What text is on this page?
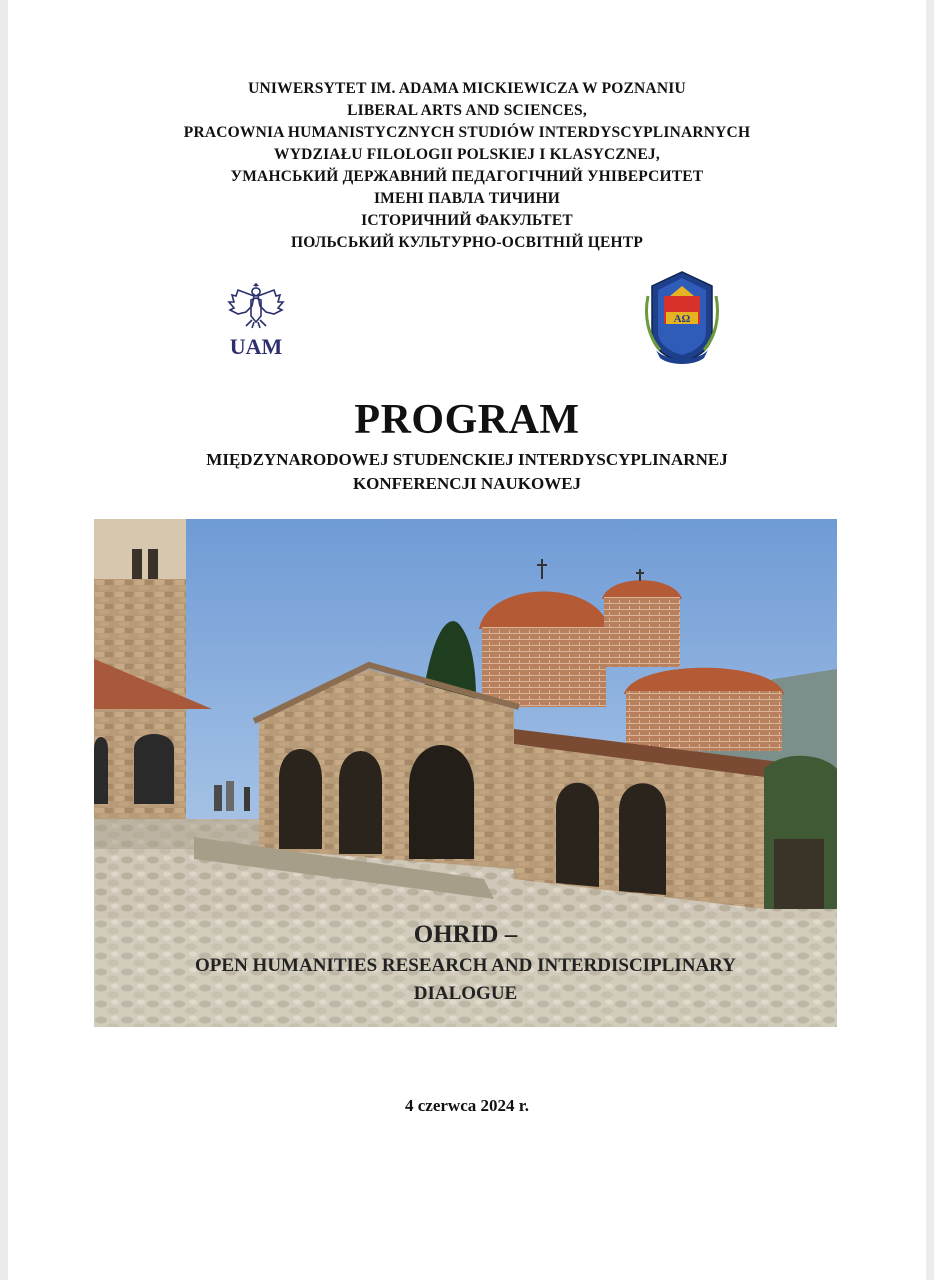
UNIWERSYTET IM. ADAMA MICKIEWICZA W POZNANIU
LIBERAL ARTS AND SCIENCES,
PRACOWNIA HUMANISTYCZNYCH STUDIÓW INTERDYSCYPLINARNYCH
WYDZIAŁU FILOLOGII POLSKIEJ I KLASYCZNEJ,
УМАНСЬКИЙ ДЕРЖАВНИЙ ПЕДАГОГІЧНИЙ УНІВЕРСИТЕТ
ІМЕНІ ПАВЛА ТИЧИНИ
ІСТОРИЧНИЙ ФАКУЛЬТЕТ
ПОЛЬСЬКИЙ КУЛЬТУРНО-ОСВІТНІЙ ЦЕНТР
UAM
ΑΩ
PROGRAM
MIĘDZYNARODOWEJ STUDENCKIEJ INTERDYSCYPLINARNEJ
KONFERENCJI NAUKOWEJ
OHRID –
OPEN HUMANITIES RESEARCH AND INTERDISCIPLINARY
DIALOGUE
4 czerwca 2024 r.
